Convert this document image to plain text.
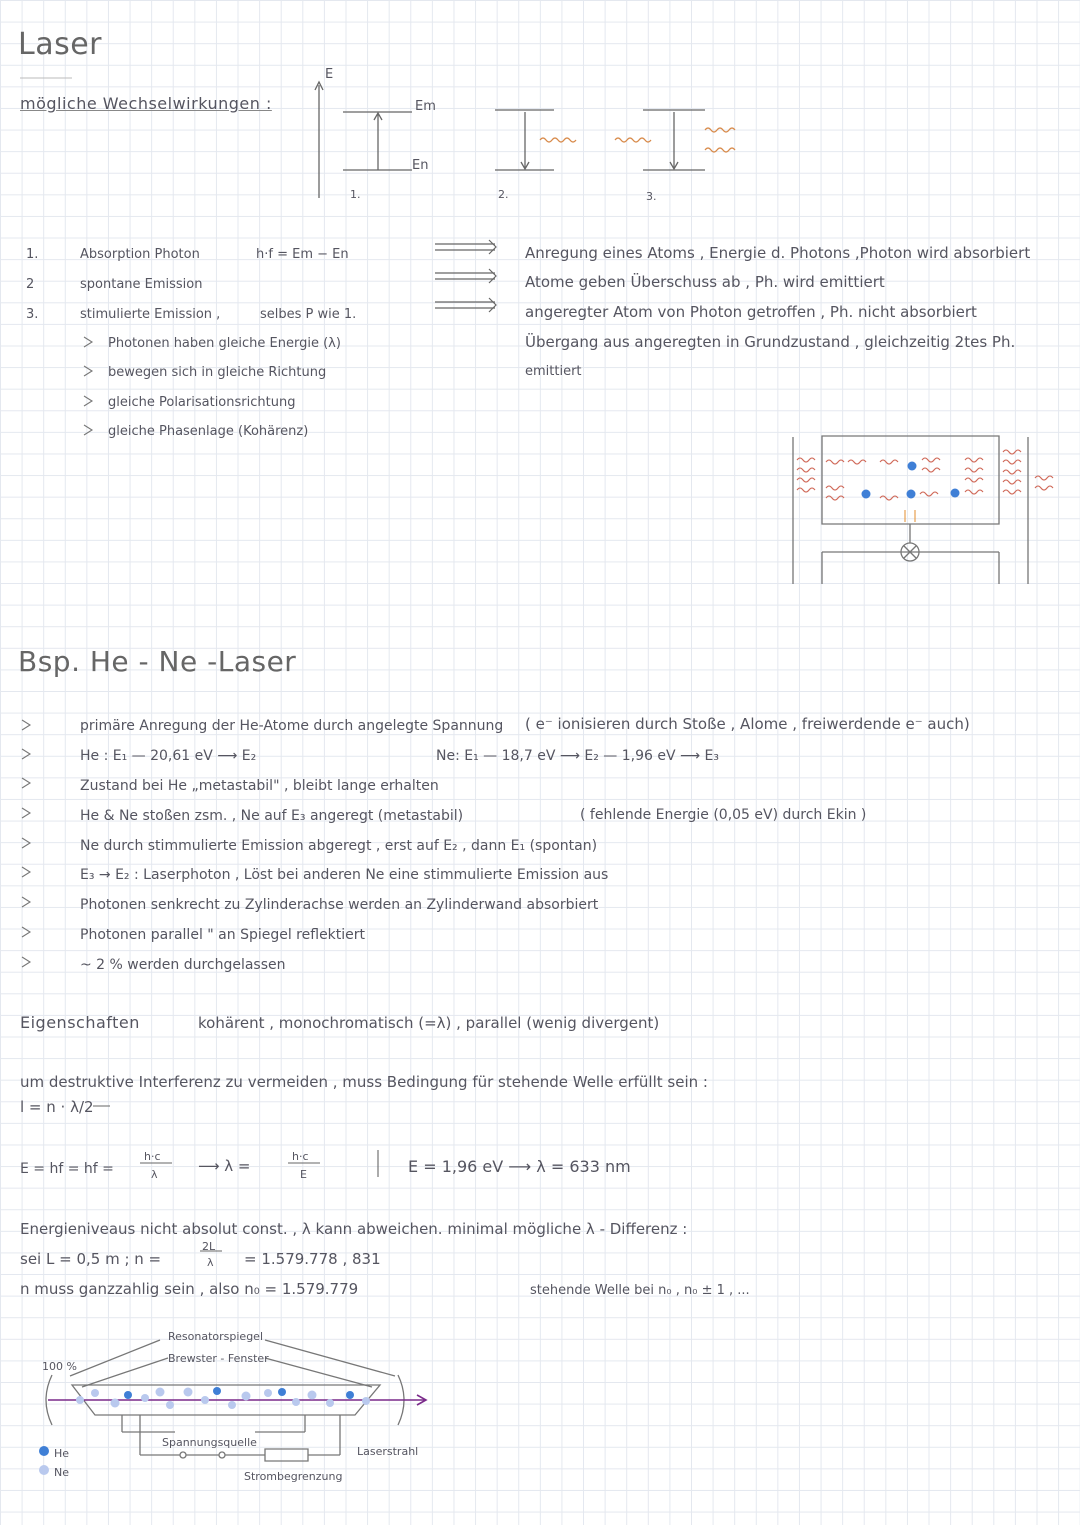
Laser
mögliche Wechselwirkungen :
E
Em
En
1.	2.	3.
1.	Absorption Photon	h·f = Em − En	Anregung eines Atoms , Energie d. Photons ,Photon wird absorbiert
2	spontane Emission	Atome geben Überschuss ab , Ph. wird emittiert
3.	stimulierte Emission ,	selbes P wie 1.	angeregter Atom von Photon getroffen , Ph. nicht absorbiert
Übergang aus angeregten in Grundzustand , gleichzeitig 2tes Ph.
emittiert
Photonen haben gleiche Energie (λ)
bewegen sich in gleiche Richtung
gleiche Polarisationsrichtung
gleiche Phasenlage (Kohärenz)
Bsp. He - Ne -Laser
primäre Anregung der He-Atome durch angelegte Spannung ( e⁻ ionisieren durch Stoße , Alome , freiwerdende e⁻ auch)
He : E₁ — 20,61 eV ⟶ E₂	Ne: E₁ — 18,7 eV ⟶ E₂ — 1,96 eV ⟶ E₃
Zustand bei He „metastabil" , bleibt lange erhalten
He & Ne stoßen zsm. , Ne auf E₃ angeregt (metastabil)	( fehlende Energie (0,05 eV) durch Ekin )
Ne durch stimmulierte Emission abgeregt , erst auf E₂ , dann E₁ (spontan)
E₃ → E₂ : Laserphoton , Löst bei anderen Ne eine stimmulierte Emission aus
Photonen senkrecht zu Zylinderachse werden an Zylinderwand absorbiert
Photonen parallel " an Spiegel reflektiert
~ 2 % werden durchgelassen
Eigenschaften	kohärent , monochromatisch (=λ) , parallel (wenig divergent)
um destruktive Interferenz zu vermeiden , muss Bedingung für stehende Welle erfüllt sein :
l = n · λ/2
E = hf = hf =
h·c
λ	⟶ λ =
h·c
E	E = 1,96 eV ⟶ λ = 633 nm
Energieniveaus nicht absolut const. , λ kann abweichen. minimal mögliche λ - Differenz :
sei L = 0,5 m ; n =
2L
λ = 1.579.778 , 831
n muss ganzzahlig sein , also n₀ = 1.579.779	stehende Welle bei n₀ , n₀ ± 1 , ...
Resonatorspiegel
Brewster - Fenster
100 %
Spannungsquelle
Strombegrenzung
Laserstrahl
He
Ne
